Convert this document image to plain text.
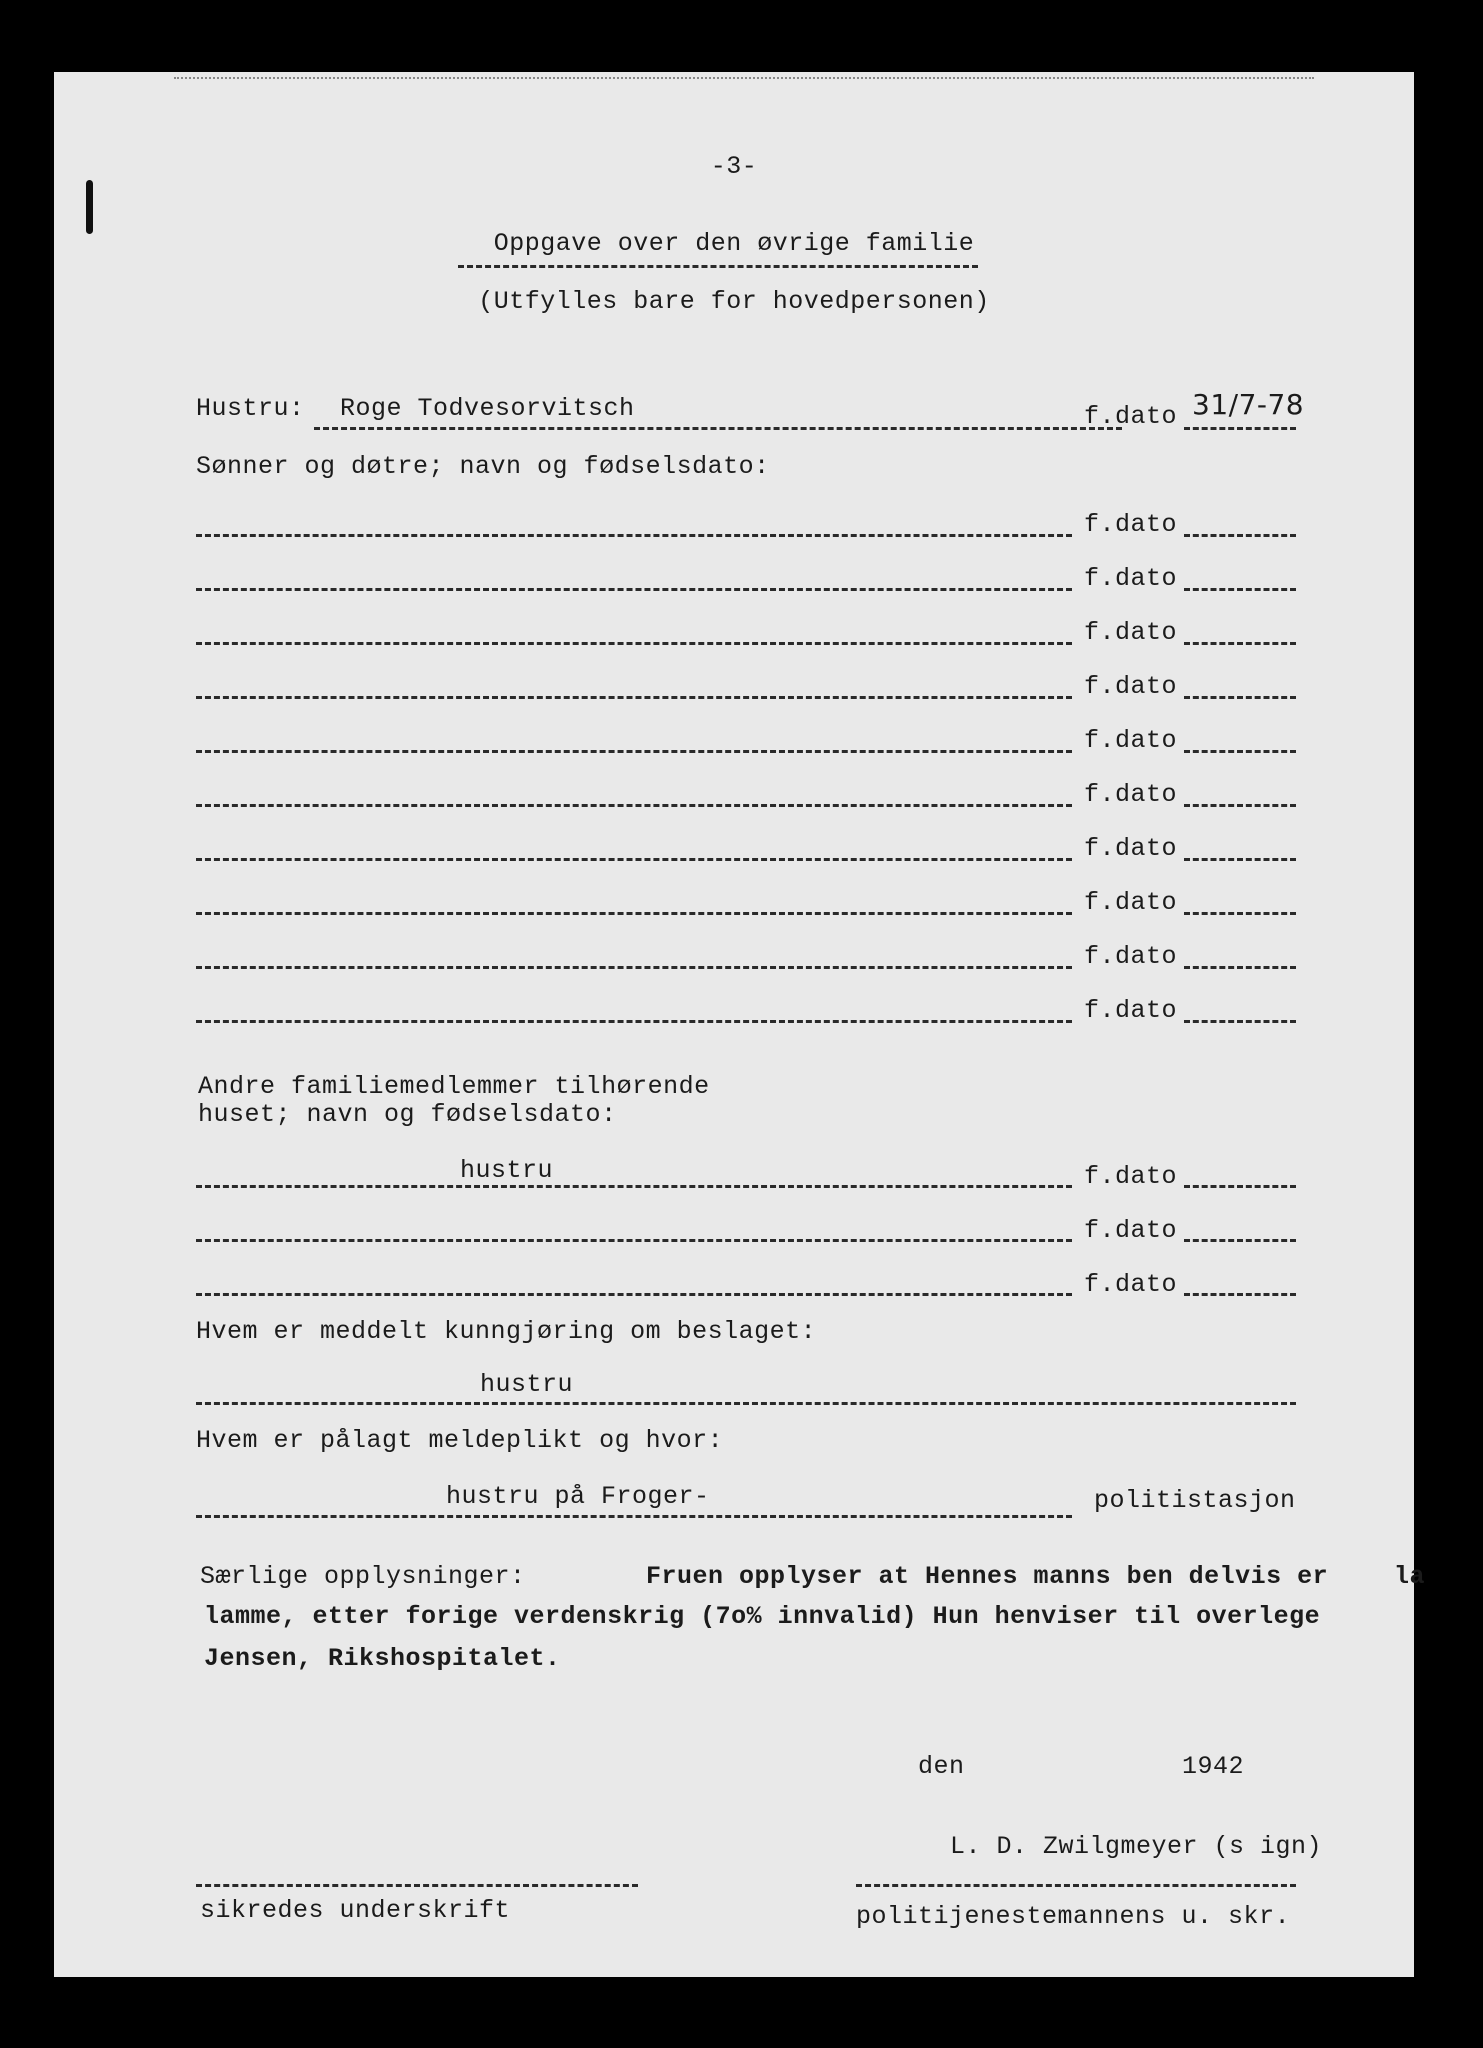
-3-
Oppgave over den øvrige familie
(Utfylles bare for hovedpersonen)
Hustru: Roge Todvesorvitsch	f.dato 31/7-78
Sønner og døtre; navn og fødselsdato:
f.dato
f.dato
f.dato
f.dato
f.dato
f.dato
f.dato
f.dato
f.dato
f.dato
Andre familiemedlemmer tilhørende
huset; navn og fødselsdato:
hustru	f.dato
f.dato
f.dato
Hvem er meddelt kunngjøring om beslaget:
hustru
Hvem er pålagt meldeplikt og hvor:
hustru på Froger-	politistasjon
Særlige opplysninger:	Fruen opplyser at Hennes manns ben delvis er	la
lamme, etter forige verdenskrig (7o% innvalid) Hun henviser til overlege
Jensen, Rikshospitalet.
den	1942
L. D. Zwilgmeyer (s ign)
sikredes underskrift	politijenestemannens u. skr.
